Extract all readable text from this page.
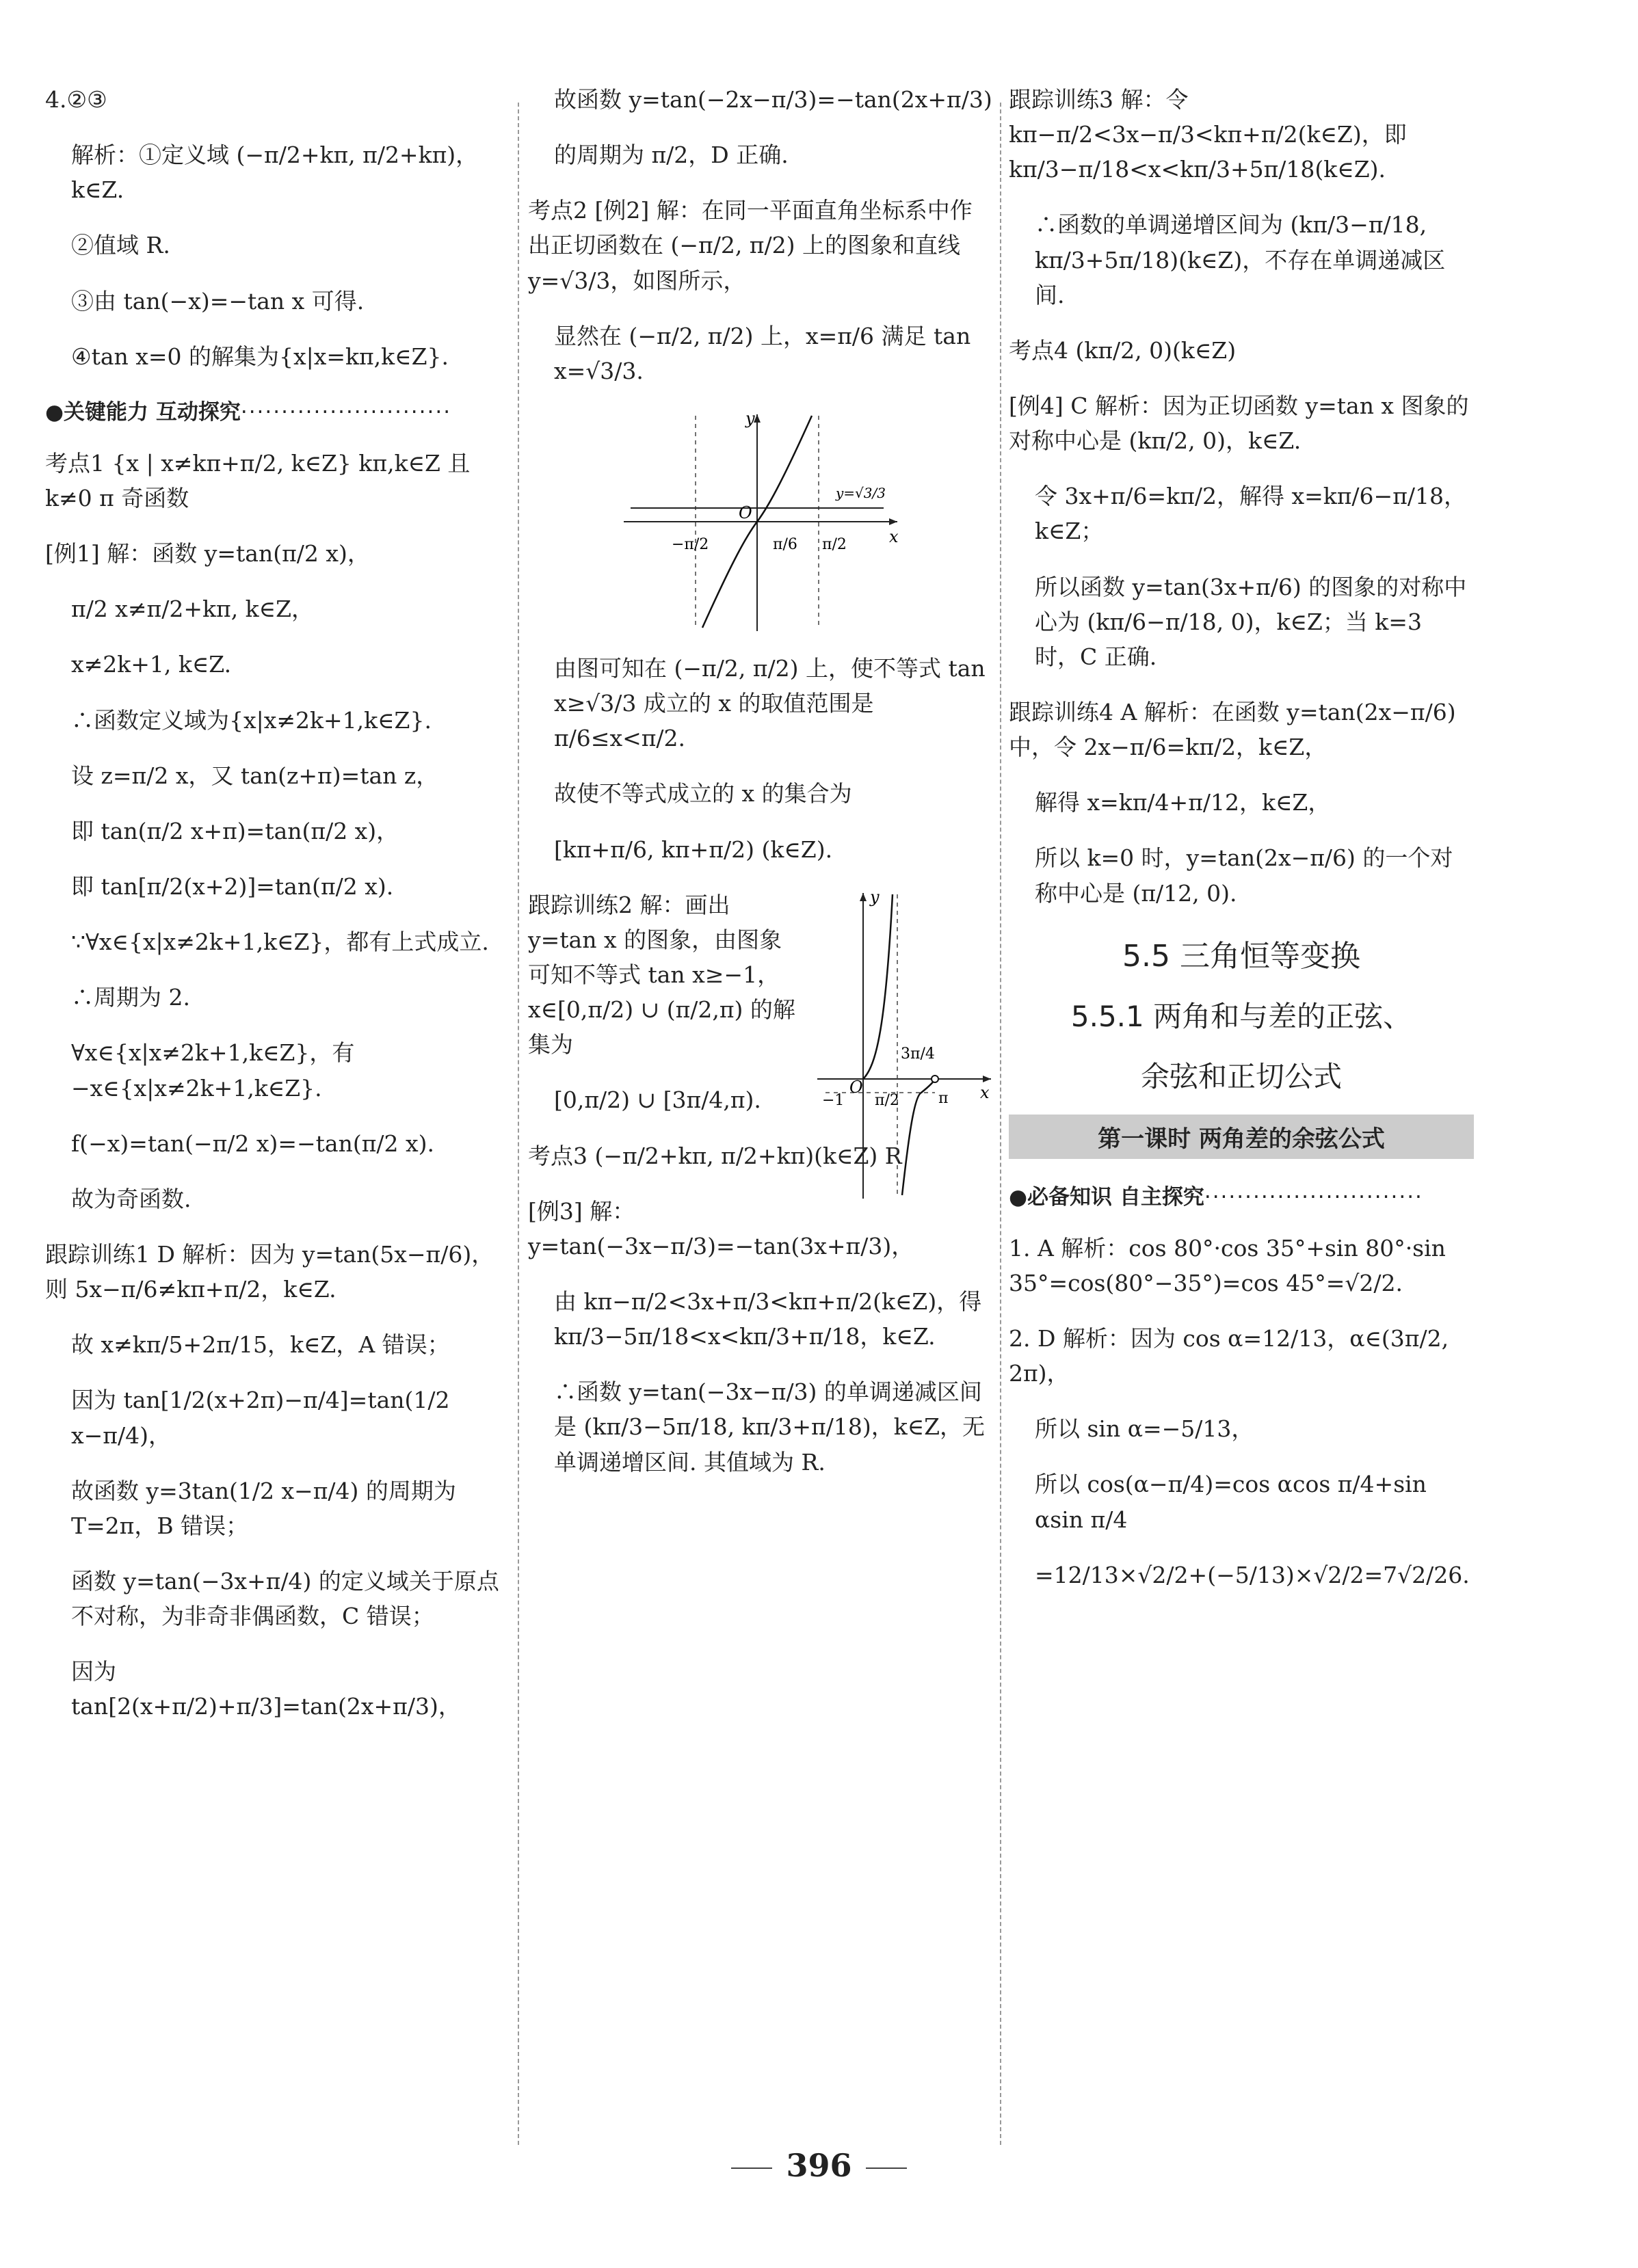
4.②③
解析：①定义域 (−π/2+kπ, π/2+kπ)，k∈Z.
②值域 R.
③由 tan(−x)=−tan x 可得.
④tan x=0 的解集为{x|x=kπ,k∈Z}.
●关键能力 互动探究··························
考点1 {x | x≠kπ+π/2, k∈Z} kπ,k∈Z 且 k≠0 π 奇函数
[例1] 解：函数 y=tan(π/2 x)，
π/2 x≠π/2+kπ, k∈Z，
x≠2k+1, k∈Z.
∴函数定义域为{x|x≠2k+1,k∈Z}.
设 z=π/2 x，又 tan(z+π)=tan z，
即 tan(π/2 x+π)=tan(π/2 x)，
即 tan[π/2(x+2)]=tan(π/2 x).
∵∀x∈{x|x≠2k+1,k∈Z}，都有上式成立.
∴周期为 2.
∀x∈{x|x≠2k+1,k∈Z}，有−x∈{x|x≠2k+1,k∈Z}.
f(−x)=tan(−π/2 x)=−tan(π/2 x).
故为奇函数.
跟踪训练1 D 解析：因为 y=tan(5x−π/6)，则 5x−π/6≠kπ+π/2，k∈Z.
故 x≠kπ/5+2π/15，k∈Z，A 错误；
因为 tan[1/2(x+2π)−π/4]=tan(1/2 x−π/4)，
故函数 y=3tan(1/2 x−π/4) 的周期为 T=2π，B 错误；
函数 y=tan(−3x+π/4) 的定义域关于原点不对称，为非奇非偶函数，C 错误；
因为 tan[2(x+π/2)+π/3]=tan(2x+π/3)，
故函数 y=tan(−2x−π/3)=−tan(2x+π/3)
的周期为 π/2，D 正确.
考点2 [例2] 解：在同一平面直角坐标系中作出正切函数在 (−π/2, π/2) 上的图象和直线 y=√3/3，如图所示，
显然在 (−π/2, π/2) 上，x=π/6 满足 tan x=√3/3.
y
x
O
y=√3/3
−π/2	π/6 π/2
由图可知在 (−π/2, π/2) 上，使不等式 tan x≥√3/3 成立的 x 的取值范围是 π/6≤x<π/2.
故使不等式成立的 x 的集合为
[kπ+π/6, kπ+π/2) (k∈Z).
跟踪训练2 解：画出 y=tan x 的图象，由图象可知不等式 tan x≥−1，x∈[0,π/2) ∪ (π/2,π) 的解集为
[0,π/2) ∪ [3π/4,π).
y
x
O
3π/4
π/2	π
−1
考点3 (−π/2+kπ, π/2+kπ)(k∈Z) R
[例3] 解：y=tan(−3x−π/3)=−tan(3x+π/3)，
由 kπ−π/2<3x+π/3<kπ+π/2(k∈Z)，得 kπ/3−5π/18<x<kπ/3+π/18，k∈Z.
∴函数 y=tan(−3x−π/3) 的单调递减区间是 (kπ/3−5π/18, kπ/3+π/18)，k∈Z，无单调递增区间. 其值域为 R.
跟踪训练3 解：令 kπ−π/2<3x−π/3<kπ+π/2(k∈Z)，即 kπ/3−π/18<x<kπ/3+5π/18(k∈Z).
∴函数的单调递增区间为 (kπ/3−π/18, kπ/3+5π/18)(k∈Z)，不存在单调递减区间.
考点4 (kπ/2, 0)(k∈Z)
[例4] C 解析：因为正切函数 y=tan x 图象的对称中心是 (kπ/2, 0)，k∈Z.
令 3x+π/6=kπ/2，解得 x=kπ/6−π/18，k∈Z；
所以函数 y=tan(3x+π/6) 的图象的对称中心为 (kπ/6−π/18, 0)，k∈Z；当 k=3 时，C 正确.
跟踪训练4 A 解析：在函数 y=tan(2x−π/6) 中，令 2x−π/6=kπ/2，k∈Z，
解得 x=kπ/4+π/12，k∈Z，
所以 k=0 时，y=tan(2x−π/6) 的一个对称中心是 (π/12, 0).
5.5 三角恒等变换
5.5.1 两角和与差的正弦、
余弦和正切公式
第一课时 两角差的余弦公式
●必备知识 自主探究···························
1. A 解析：cos 80°·cos 35°+sin 80°·sin 35°=cos(80°−35°)=cos 45°=√2/2.
2. D 解析：因为 cos α=12/13，α∈(3π/2, 2π)，
所以 sin α=−5/13，
所以 cos(α−π/4)=cos αcos π/4+sin αsin π/4
=12/13×√2/2+(−5/13)×√2/2=7√2/26.
396
